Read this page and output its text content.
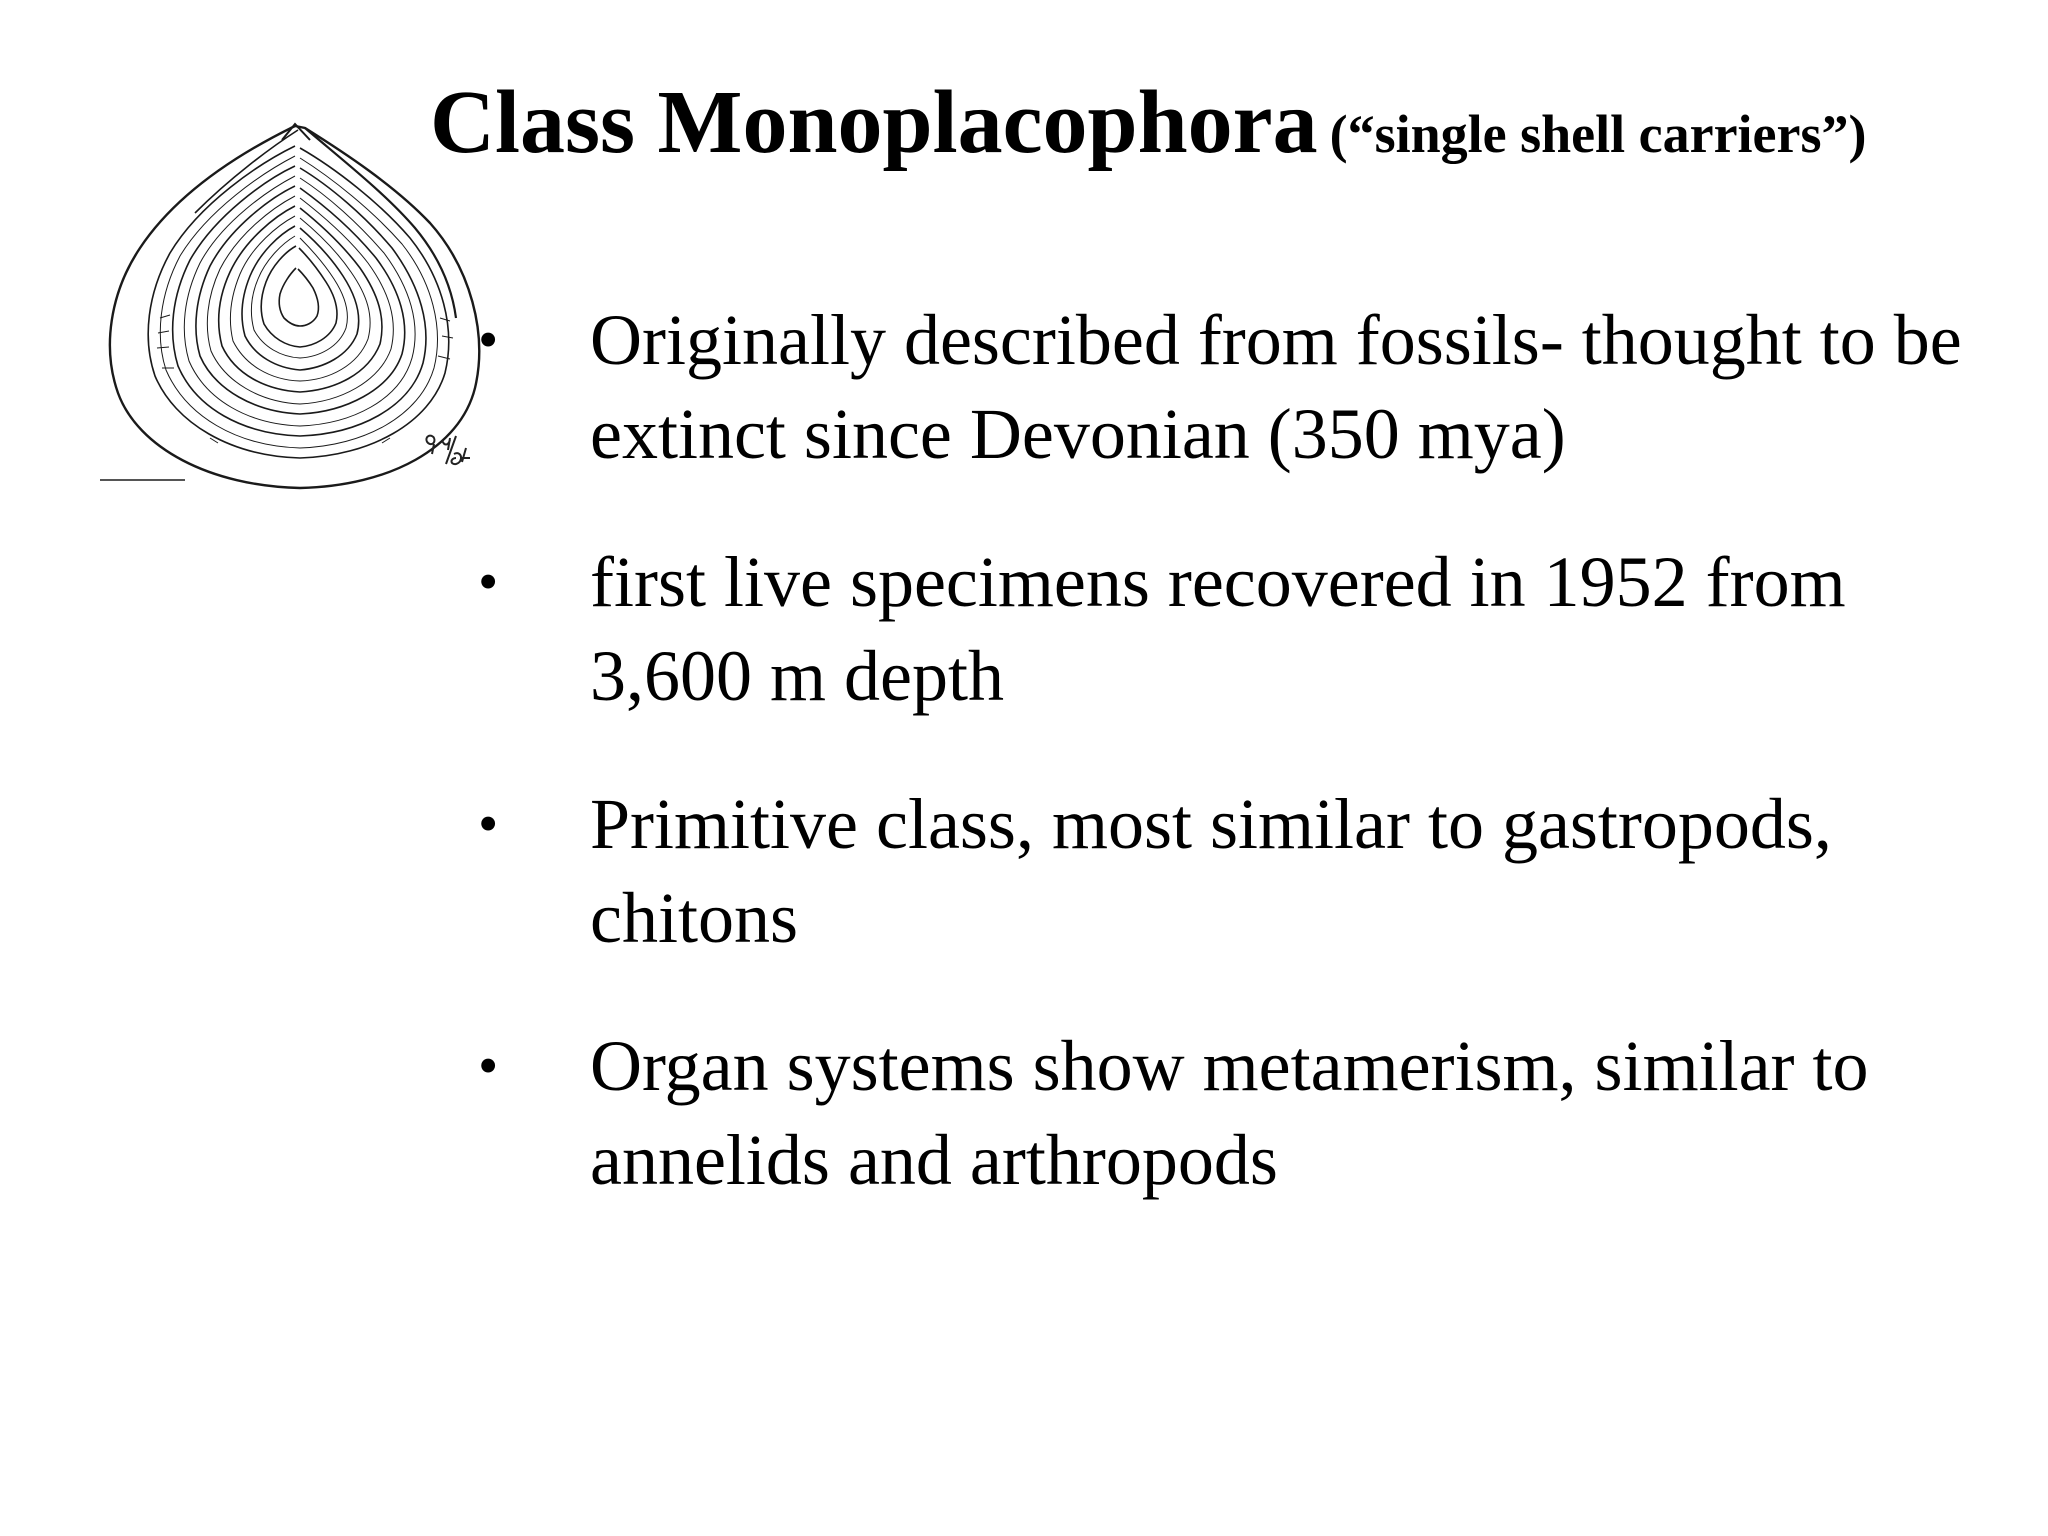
Class Monoplacophora (“single shell carriers”)
• Originally described from fossils- thought to be extinct since Devonian (350 mya)
• first live specimens recovered in 1952 from 3,600 m depth
• Primitive class, most similar to gastropods, chitons
• Organ systems show metamerism, similar to annelids and arthropods
